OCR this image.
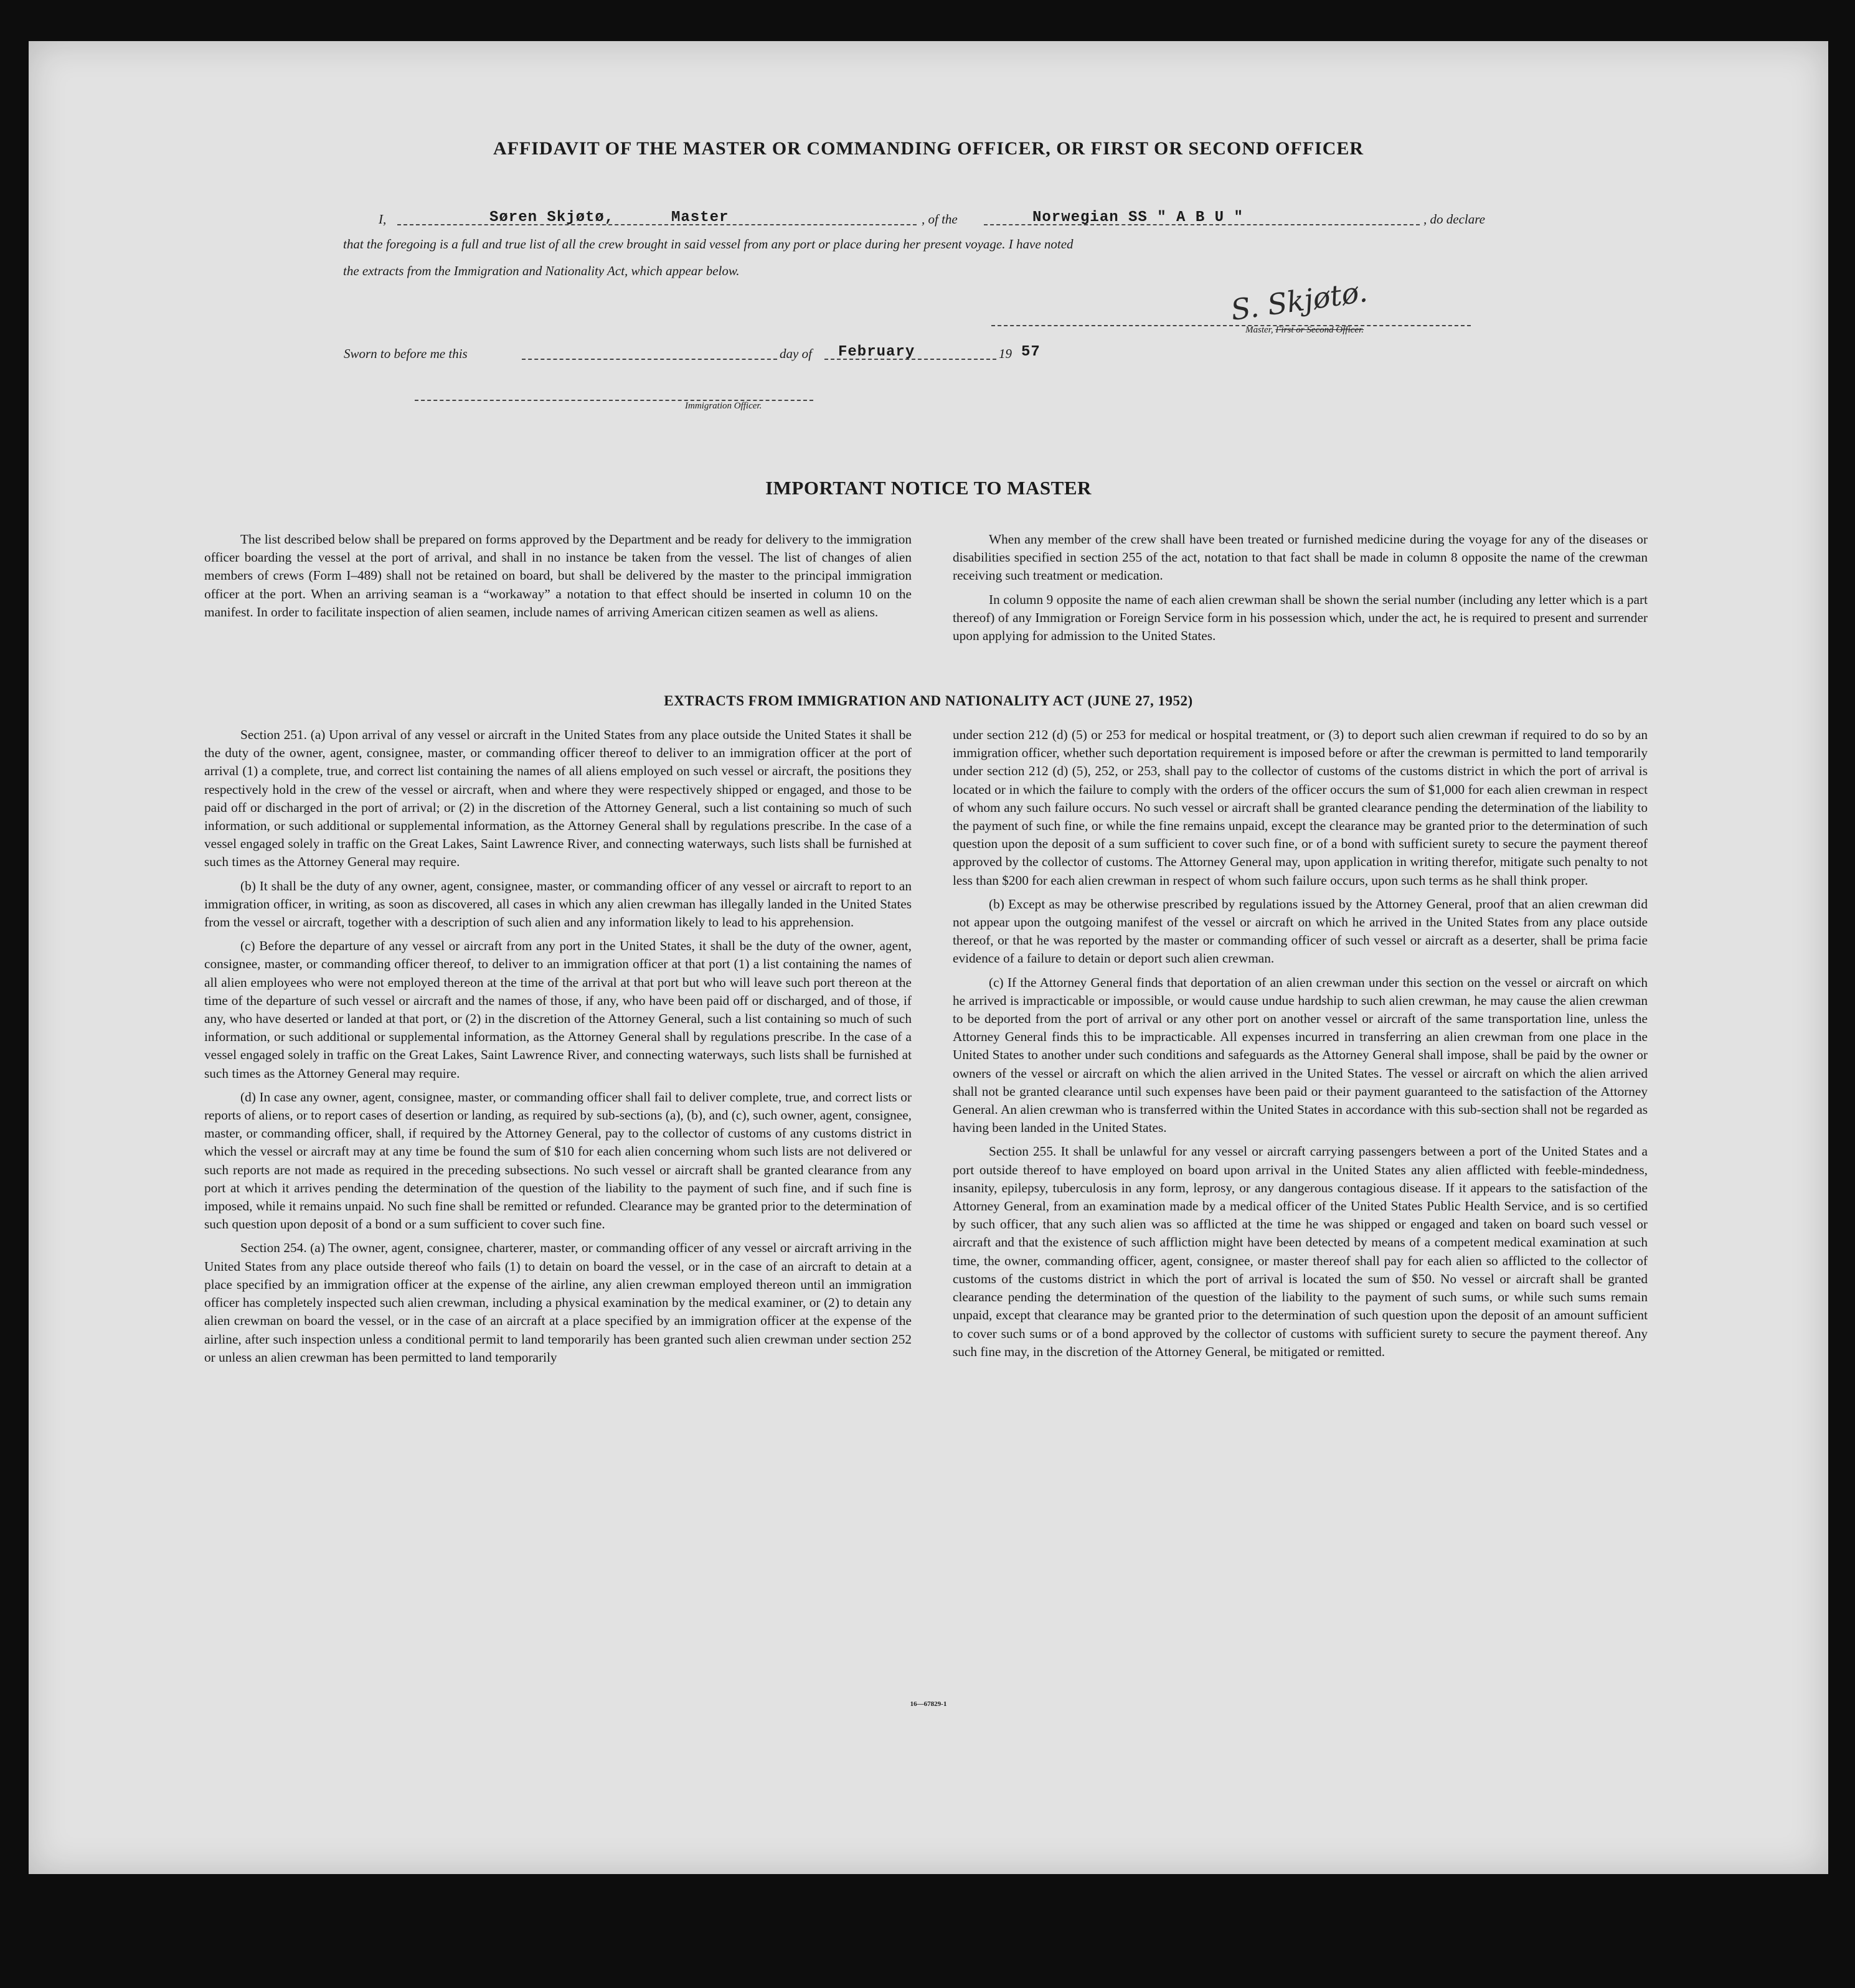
AFFIDAVIT OF THE MASTER OR COMMANDING OFFICER, OR FIRST OR SECOND OFFICER
I,	Søren Skjøtø,	Master	, of the	Norwegian SS " A B U "	, do declare
that the foregoing is a full and true list of all the crew brought in said vessel from any port or place during her present voyage. I have noted
the extracts from the Immigration and Nationality Act, which appear below.
S. Skjøtø.
Master, First or Second Officer.
Sworn to before me this	day of February	19 57
Immigration Officer.
IMPORTANT NOTICE TO MASTER

The list described below shall be prepared on forms approved by the Department and be ready for delivery to the immigration officer boarding the vessel at the port of arrival, and shall in no instance be taken from the vessel. The list of changes of alien members of crews (Form I–489) shall not be retained on board, but shall be delivered by the master to the principal immigration officer at the port. When an arriving seaman is a “workaway” a notation to that effect should be inserted in column 10 on the manifest. In order to facilitate inspection of alien seamen, include names of arriving American citizen seamen as well as aliens.

When any member of the crew shall have been treated or furnished medicine during the voyage for any of the diseases or disabilities specified in section 255 of the act, notation to that fact shall be made in column 8 opposite the name of the crewman receiving such treatment or medication.

In column 9 opposite the name of each alien crewman shall be shown the serial number (including any letter which is a part thereof) of any Immigration or Foreign Service form in his possession which, under the act, he is required to present and surrender upon applying for admission to the United States.

EXTRACTS FROM IMMIGRATION AND NATIONALITY ACT (JUNE 27, 1952)

Section 251. (a) Upon arrival of any vessel or aircraft in the United States from any place outside the United States it shall be the duty of the owner, agent, consignee, master, or commanding officer thereof to deliver to an immigration officer at the port of arrival (1) a complete, true, and correct list containing the names of all aliens employed on such vessel or aircraft, the positions they respectively hold in the crew of the vessel or aircraft, when and where they were respectively shipped or engaged, and those to be paid off or discharged in the port of arrival; or (2) in the discretion of the Attorney General, such a list containing so much of such information, or such additional or supplemental information, as the Attorney General shall by regulations prescribe. In the case of a vessel engaged solely in traffic on the Great Lakes, Saint Lawrence River, and connecting waterways, such lists shall be furnished at such times as the Attorney General may require.

(b) It shall be the duty of any owner, agent, consignee, master, or commanding officer of any vessel or aircraft to report to an immigration officer, in writing, as soon as discovered, all cases in which any alien crewman has illegally landed in the United States from the vessel or aircraft, together with a description of such alien and any information likely to lead to his apprehension.

(c) Before the departure of any vessel or aircraft from any port in the United States, it shall be the duty of the owner, agent, consignee, master, or commanding officer thereof, to deliver to an immigration officer at that port (1) a list containing the names of all alien employees who were not employed thereon at the time of the arrival at that port but who will leave such port thereon at the time of the departure of such vessel or aircraft and the names of those, if any, who have been paid off or discharged, and of those, if any, who have deserted or landed at that port, or (2) in the discretion of the Attorney General, such a list containing so much of such information, or such additional or supplemental information, as the Attorney General shall by regulations prescribe. In the case of a vessel engaged solely in traffic on the Great Lakes, Saint Lawrence River, and connecting waterways, such lists shall be furnished at such times as the Attorney General may require.

(d) In case any owner, agent, consignee, master, or commanding officer shall fail to deliver complete, true, and correct lists or reports of aliens, or to report cases of desertion or landing, as required by sub-sections (a), (b), and (c), such owner, agent, consignee, master, or commanding officer, shall, if required by the Attorney General, pay to the collector of customs of any customs district in which the vessel or aircraft may at any time be found the sum of $10 for each alien concerning whom such lists are not delivered or such reports are not made as required in the preceding subsections. No such vessel or aircraft shall be granted clearance from any port at which it arrives pending the determination of the question of the liability to the payment of such fine, and if such fine is imposed, while it remains unpaid. No such fine shall be remitted or refunded. Clearance may be granted prior to the determination of such question upon deposit of a bond or a sum sufficient to cover such fine.

Section 254. (a) The owner, agent, consignee, charterer, master, or commanding officer of any vessel or aircraft arriving in the United States from any place outside thereof who fails (1) to detain on board the vessel, or in the case of an aircraft to detain at a place specified by an immigration officer at the expense of the airline, any alien crewman employed thereon until an immigration officer has completely inspected such alien crewman, including a physical examination by the medical examiner, or (2) to detain any alien crewman on board the vessel, or in the case of an aircraft at a place specified by an immigration officer at the expense of the airline, after such inspection unless a conditional permit to land temporarily has been granted such alien crewman under section 252 or unless an alien crewman has been permitted to land temporarily

under section 212 (d) (5) or 253 for medical or hospital treatment, or (3) to deport such alien crewman if required to do so by an immigration officer, whether such deportation requirement is imposed before or after the crewman is permitted to land temporarily under section 212 (d) (5), 252, or 253, shall pay to the collector of customs of the customs district in which the port of arrival is located or in which the failure to comply with the orders of the officer occurs the sum of $1,000 for each alien crewman in respect of whom any such failure occurs. No such vessel or aircraft shall be granted clearance pending the determination of the liability to the payment of such fine, or while the fine remains unpaid, except the clearance may be granted prior to the determination of such question upon the deposit of a sum sufficient to cover such fine, or of a bond with sufficient surety to secure the payment thereof approved by the collector of customs. The Attorney General may, upon application in writing therefor, mitigate such penalty to not less than $200 for each alien crewman in respect of whom such failure occurs, upon such terms as he shall think proper.

(b) Except as may be otherwise prescribed by regulations issued by the Attorney General, proof that an alien crewman did not appear upon the outgoing manifest of the vessel or aircraft on which he arrived in the United States from any place outside thereof, or that he was reported by the master or commanding officer of such vessel or aircraft as a deserter, shall be prima facie evidence of a failure to detain or deport such alien crewman.

(c) If the Attorney General finds that deportation of an alien crewman under this section on the vessel or aircraft on which he arrived is impracticable or impossible, or would cause undue hardship to such alien crewman, he may cause the alien crewman to be deported from the port of arrival or any other port on another vessel or aircraft of the same transportation line, unless the Attorney General finds this to be impracticable. All expenses incurred in transferring an alien crewman from one place in the United States to another under such conditions and safeguards as the Attorney General shall impose, shall be paid by the owner or owners of the vessel or aircraft on which the alien arrived in the United States. The vessel or aircraft on which the alien arrived shall not be granted clearance until such expenses have been paid or their payment guaranteed to the satisfaction of the Attorney General. An alien crewman who is transferred within the United States in accordance with this sub-section shall not be regarded as having been landed in the United States.

Section 255. It shall be unlawful for any vessel or aircraft carrying passengers between a port of the United States and a port outside thereof to have employed on board upon arrival in the United States any alien afflicted with feeble-mindedness, insanity, epilepsy, tuberculosis in any form, leprosy, or any dangerous contagious disease. If it appears to the satisfaction of the Attorney General, from an examination made by a medical officer of the United States Public Health Service, and is so certified by such officer, that any such alien was so afflicted at the time he was shipped or engaged and taken on board such vessel or aircraft and that the existence of such affliction might have been detected by means of a competent medical examination at such time, the owner, commanding officer, agent, consignee, or master thereof shall pay for each alien so afflicted to the collector of customs of the customs district in which the port of arrival is located the sum of $50. No vessel or aircraft shall be granted clearance pending the determination of the question of the liability to the payment of such sums, or while such sums remain unpaid, except that clearance may be granted prior to the determination of such question upon the deposit of an amount sufficient to cover such sums or of a bond approved by the collector of customs with sufficient surety to secure the payment thereof. Any such fine may, in the discretion of the Attorney General, be mitigated or remitted.

16—67829-1
